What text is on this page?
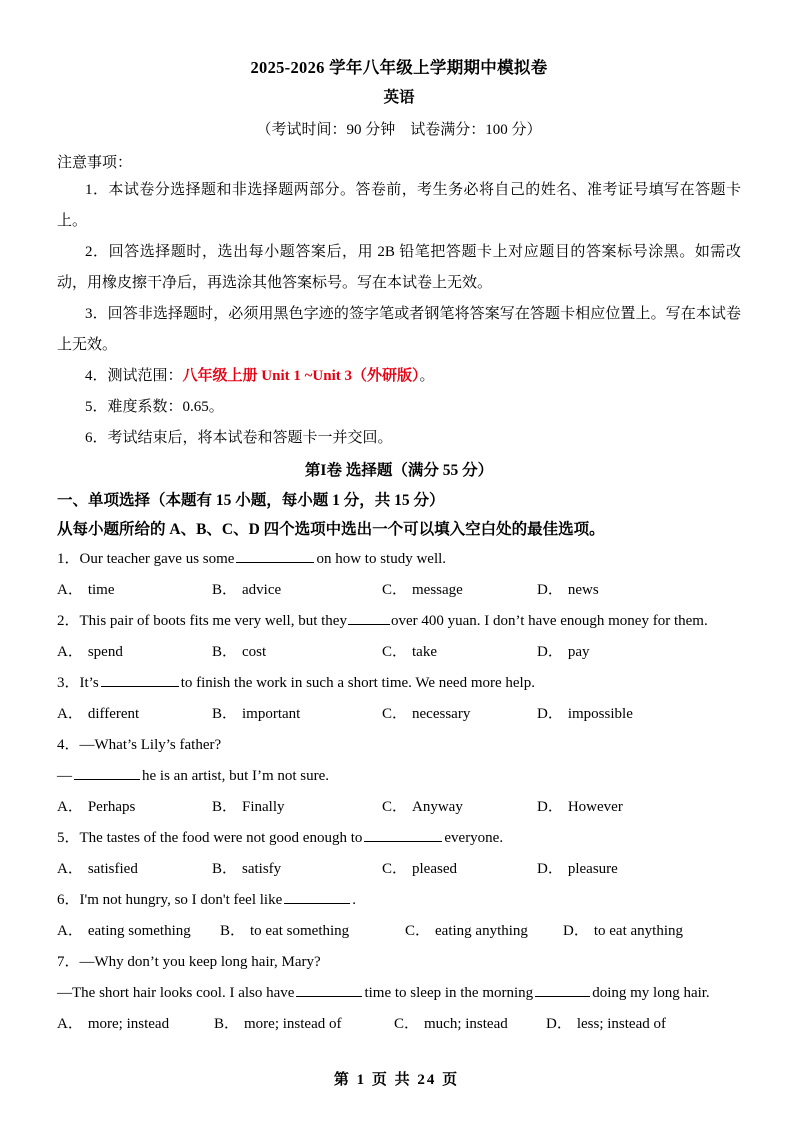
2025-2026 学年八年级上学期期中模拟卷
英语
（考试时间：90 分钟　试卷满分：100 分）
注意事项：
1．本试卷分选择题和非选择题两部分。答卷前，考生务必将自己的姓名、准考证号填写在答题卡上。
2．回答选择题时，选出每小题答案后，用 2B 铅笔把答题卡上对应题目的答案标号涂黑。如需改动，用橡皮擦干净后，再选涂其他答案标号。写在本试卷上无效。
3．回答非选择题时，必须用黑色字迹的签字笔或者钢笔将答案写在答题卡相应位置上。写在本试卷上无效。
4．测试范围：八年级上册 Unit 1 ~Unit 3（外研版）。
5．难度系数：0.65。
6．考试结束后，将本试卷和答题卡一并交回。
第I卷 选择题（满分 55 分）
一、单项选择（本题有 15 小题，每小题 1 分，共 15 分）
从每小题所给的 A、B、C、D 四个选项中选出一个可以填入空白处的最佳选项。
1．Our teacher gave us some	on how to study well.
A． time	B． advice	C． message	D． news
2．This pair of boots fits me very well, but they	over 400 yuan. I don’t have enough money for them.
A． spend	B． cost	C． take	D． pay
3．It’s	to finish the work in such a short time. We need more help.
A． different	B． important	C． necessary	D． impossible
4．—What’s Lily’s father?
—	he is an artist, but I’m not sure.
A． Perhaps	B． Finally	C． Anyway	D． However
5．The tastes of the food were not good enough to	everyone.
A． satisfied	B． satisfy	C． pleased	D． pleasure
6．I'm not hungry, so I don't feel like	.
A． eating something B． to eat something	C． eating anything D． to eat anything
7．—Why don’t you keep long hair, Mary?
—The short hair looks cool. I also have	time to sleep in the morning	doing my long hair.
A． more; instead	B． more; instead of	C． much; instead	D． less; instead of
第 1 页 共 24 页
